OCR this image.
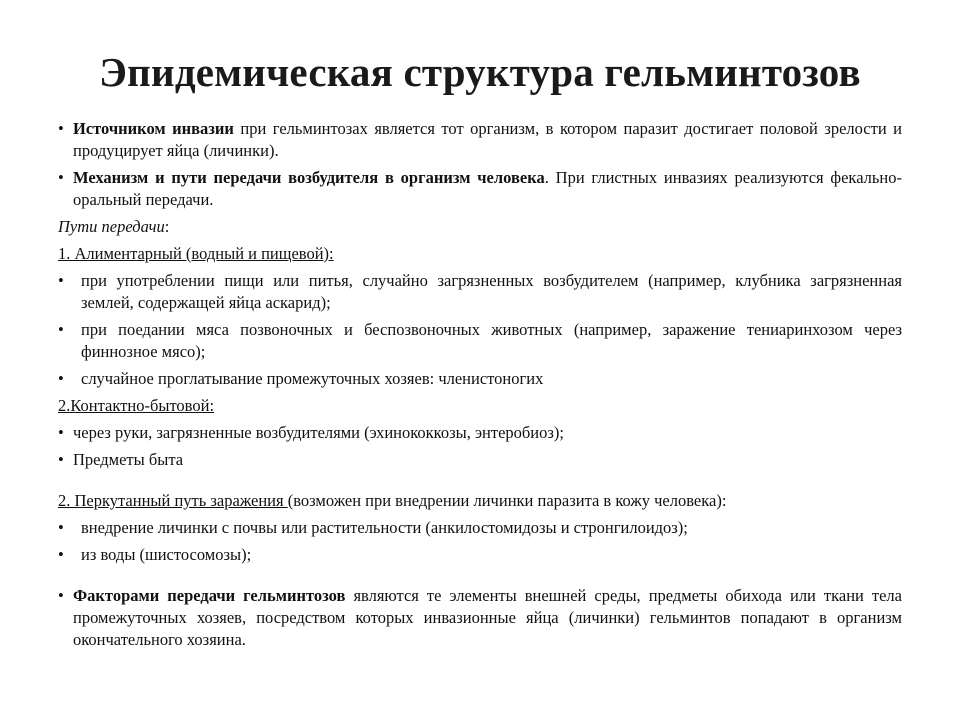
Эпидемическая структура гельминтозов
• Источником инвазии при гельминтозах является тот организм, в котором паразит достигает половой зрелости и продуцирует яйца (личинки).
• Механизм и пути передачи возбудителя в организм человека. При глистных инвазиях реализуются фекально-оральный передачи.
Пути передачи:
1. Алиментарный (водный и пищевой):
•	при употреблении пищи или питья, случайно загрязненных возбудителем (например, клубника загрязненная землей, содержащей яйца аскарид);
•	при поедании мяса позвоночных и беспозвоночных животных (например, заражение тениаринхозом через финнозное мясо);
•	случайное проглатывание промежуточных хозяев: членистоногих
2.Контактно-бытовой:
• через руки, загрязненные возбудителями (эхинококкозы, энтеробиоз);
• Предметы быта
2. Перкутанный путь заражения (возможен при внедрении личинки паразита в кожу человека):
•	внедрение личинки с почвы или растительности (анкилостомидозы и стронгилоидоз);
•	из воды (шистосомозы);
• Факторами передачи гельминтозов являются те элементы внешней среды, предметы обихода или ткани тела промежуточных хозяев, посредством которых инвазионные яйца (личинки) гельминтов попадают в организм окончательного хозяина.
